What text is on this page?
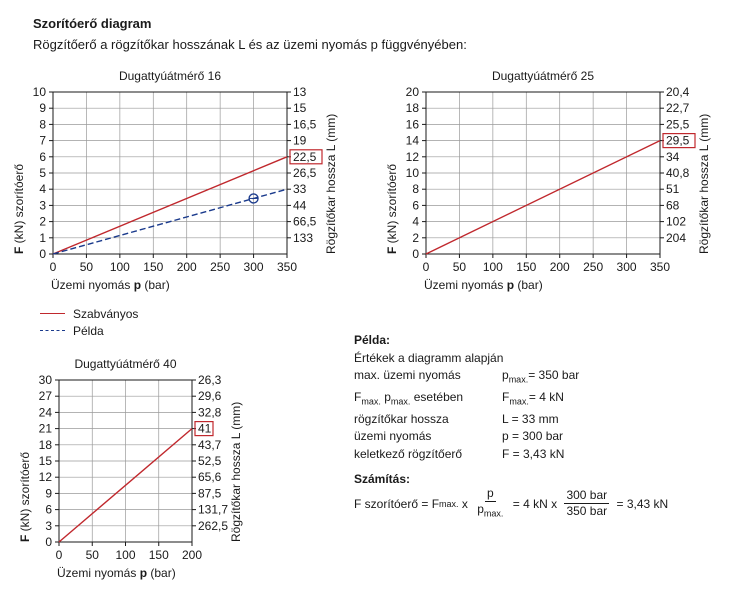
Szorítóerő diagram
Rögzítőerő a rögzítőkar hosszának L és az üzemi nyomás p függvényében:
Dugattyúátmérő 16
0
1
2
3
4
5
6
7
8
9
10
0 50 100 150 200 250 300 350
13
15
16,5
19
22,5
26,5
33
44
66,5
133
Üzemi nyomás p (bar)
F (kN) szorítóerő	Rögzítőkar hossza L (mm)
Dugattyúátmérő 25
0
2
4
6
8
10
12
14
16
18
20
0 50 100 150 200 250 300 350
20,4
22,7
25,5
29,5
34
40,8
51
68
102
204
Üzemi nyomás p (bar)
F (kN) szorítóerő	Rögzítőkar hossza L (mm)
Dugattyúátmérő 40
0
3
6
9
12
15
18
21
24
27
30
0 50 100 150 200
26,3
29,6
32,8
41
43,7
52,5
65,6
87,5
131,7
262,5
Üzemi nyomás p (bar)
F (kN) szorítóerő	Rögzítőkar hossza L (mm)
Szabványos
Példa
Példa:
Értékek a diagramm alapján
max. üzemi nyomás	$p_{max.}= 350$ bar
$F_{max.}$ $p_{max.}$ esetében	$F_{max.}= 4$ kN
rögzítőkar hossza	L = 33 mm
üzemi nyomás	p = 300 bar
keletkező rögzítőerő	F = 3,43 kN
Számítás:
F szorítóerő = F max. x $\frac{p}{p_{max.}} = 4$ kN x $\frac{\text{300 bar}}{\text{350 bar}} = 3,43$ kN
